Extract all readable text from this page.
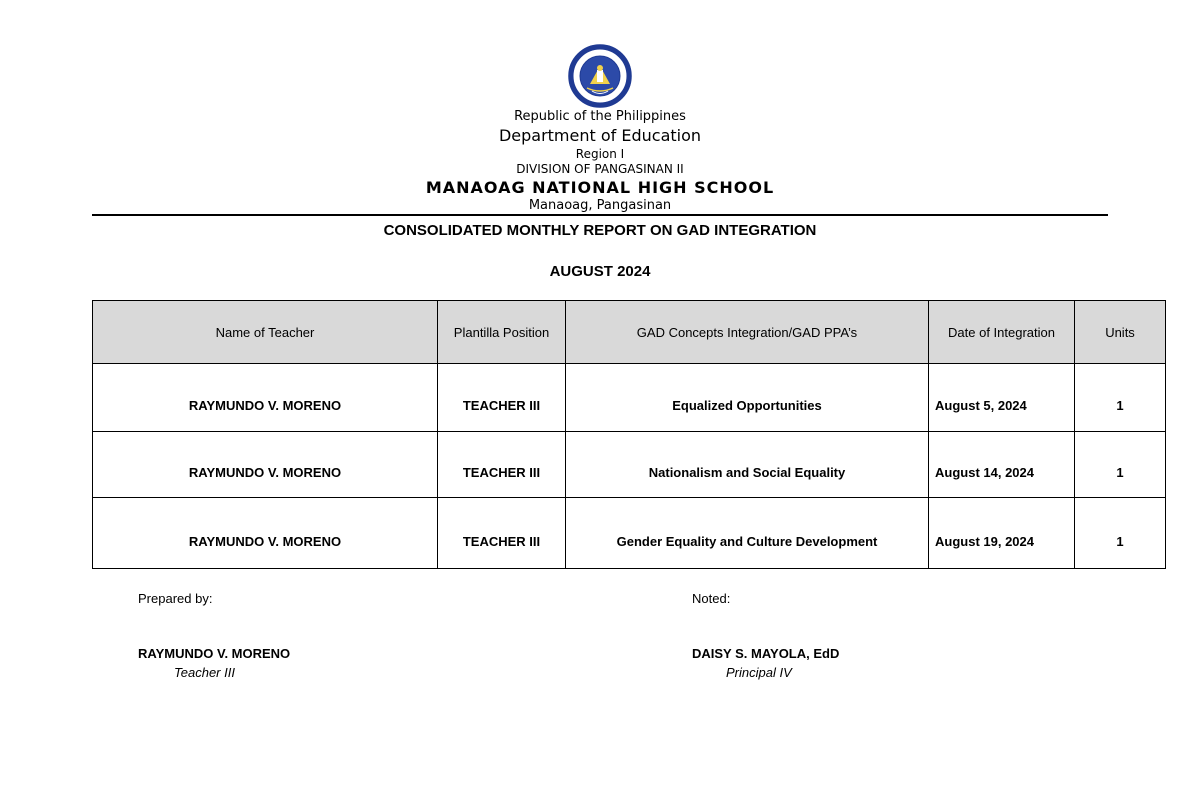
Republic of the Philippines
Department of Education
Region I
DIVISION OF PANGASINAN II
MANAOAG NATIONAL HIGH SCHOOL
Manaoag, Pangasinan
CONSOLIDATED MONTHLY REPORT ON GAD INTEGRATION
AUGUST 2024
Name of Teacher	Plantilla Position	GAD Concepts Integration/GAD PPA’s	Date of Integration	Units
RAYMUNDO V. MORENO	TEACHER III	Equalized Opportunities	August 5, 2024	1
RAYMUNDO V. MORENO	TEACHER III	Nationalism and Social Equality	August 14, 2024	1
RAYMUNDO V. MORENO	TEACHER III	Gender Equality and Culture Development	August 19, 2024	1
Prepared by:
RAYMUNDO V. MORENO
Teacher III
Noted:
DAISY S. MAYOLA, EdD
Principal IV
